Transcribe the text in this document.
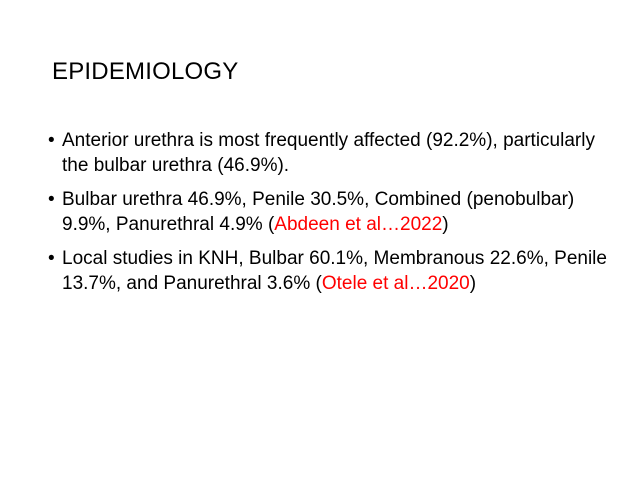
EPIDEMIOLOGY
• Anterior urethra is most frequently affected (92.2%), particularly the bulbar urethra (46.9%).
• Bulbar urethra 46.9%, Penile 30.5%, Combined (penobulbar) 9.9%, Panurethral 4.9% (Abdeen et al…2022)
• Local studies in KNH, Bulbar 60.1%, Membranous 22.6%, Penile 13.7%, and Panurethral 3.6% (Otele et al…2020)
